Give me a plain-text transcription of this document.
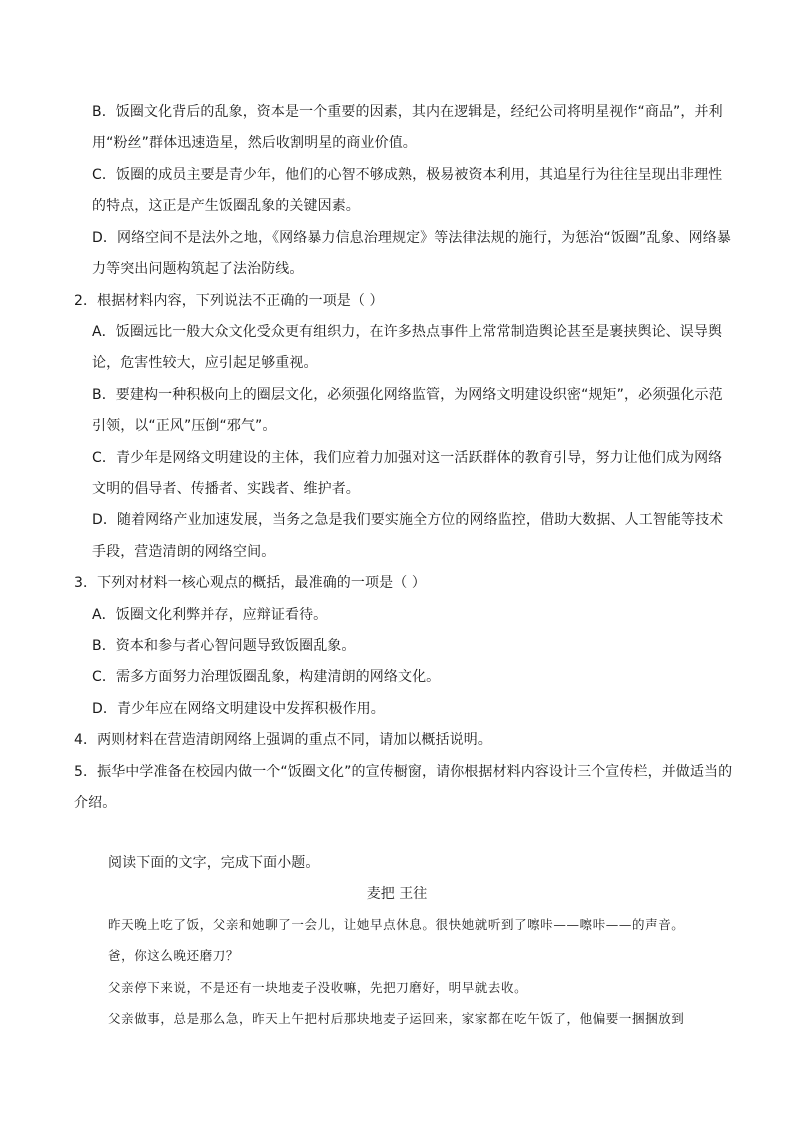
B．饭圈文化背后的乱象，资本是一个重要的因素，其内在逻辑是，经纪公司将明星视作“商品”，并利
用“粉丝”群体迅速造星，然后收割明星的商业价值。
C．饭圈的成员主要是青少年，他们的心智不够成熟，极易被资本利用，其追星行为往往呈现出非理性
的特点，这正是产生饭圈乱象的关键因素。
D．网络空间不是法外之地，《网络暴力信息治理规定》等法律法规的施行，为惩治“饭圈”乱象、网络暴
力等突出问题构筑起了法治防线。
2．根据材料内容，下列说法不正确的一项是（ ）
A．饭圈远比一般大众文化受众更有组织力，在许多热点事件上常常制造舆论甚至是裹挟舆论、误导舆
论，危害性较大，应引起足够重视。
B．要建构一种积极向上的圈层文化，必须强化网络监管，为网络文明建设织密“规矩”，必须强化示范
引领，以“正风”压倒“邪气”。
C．青少年是网络文明建设的主体，我们应着力加强对这一活跃群体的教育引导，努力让他们成为网络
文明的倡导者、传播者、实践者、维护者。
D．随着网络产业加速发展，当务之急是我们要实施全方位的网络监控，借助大数据、人工智能等技术
手段，营造清朗的网络空间。
3．下列对材料一核心观点的概括，最准确的一项是（ ）
A．饭圈文化利弊并存，应辩证看待。
B．资本和参与者心智问题导致饭圈乱象。
C．需多方面努力治理饭圈乱象，构建清朗的网络文化。
D．青少年应在网络文明建设中发挥积极作用。
4．两则材料在营造清朗网络上强调的重点不同，请加以概括说明。
5．振华中学准备在校园内做一个“饭圈文化”的宣传橱窗，请你根据材料内容设计三个宣传栏，并做适当的
介绍。
阅读下面的文字，完成下面小题。
麦把 王往
昨天晚上吃了饭，父亲和她聊了一会儿，让她早点休息。很快她就听到了嚓咔——嚓咔——的声音。
爸，你这么晚还磨刀？
父亲停下来说，不是还有一块地麦子没收嘛，先把刀磨好，明早就去收。
父亲做事，总是那么急，昨天上午把村后那块地麦子运回来，家家都在吃午饭了，他偏要一捆捆放到
